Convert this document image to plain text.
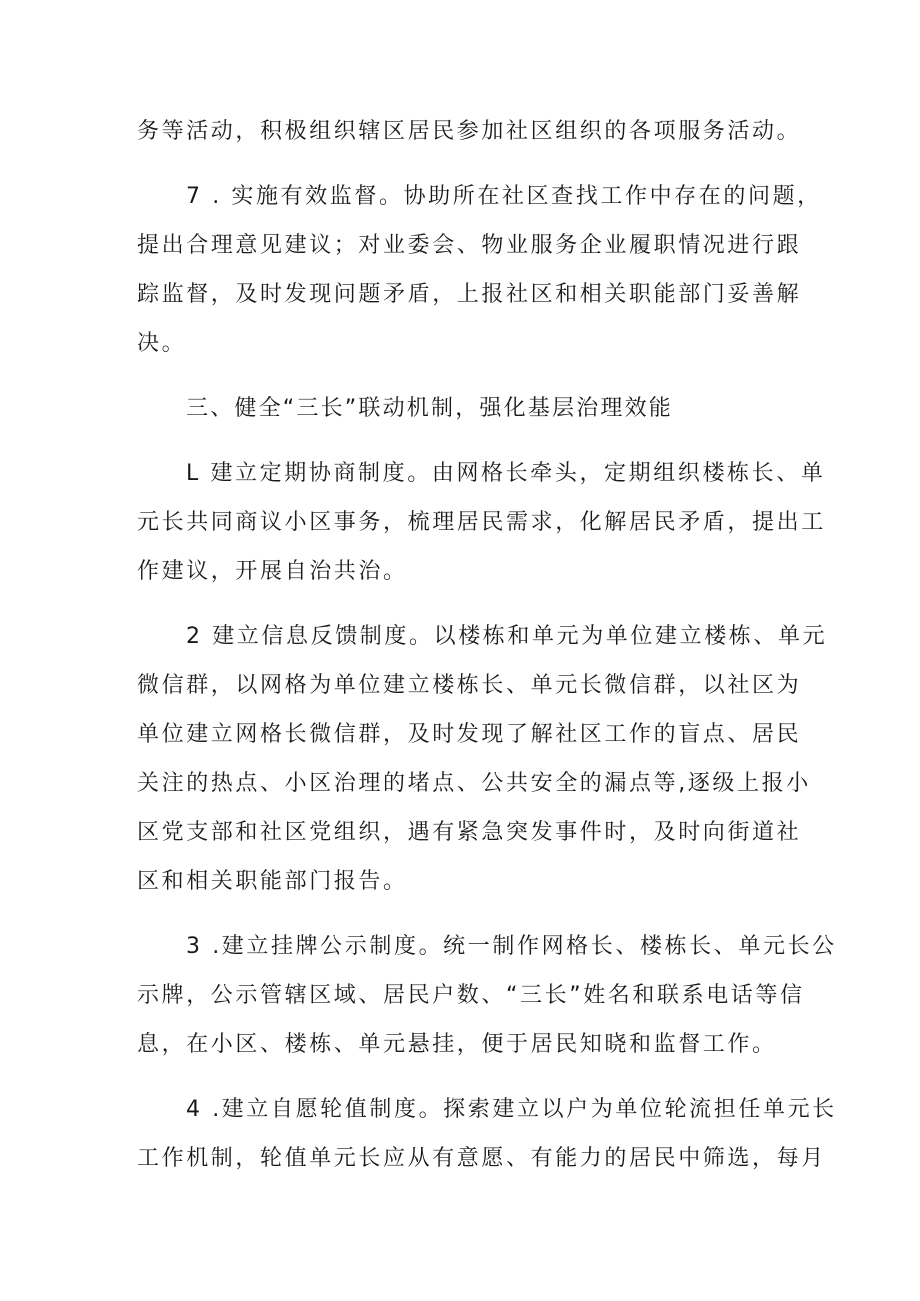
务等活动，积极组织辖区居民参加社区组织的各项服务活动。
7 . 实施有效监督。协助所在社区查找工作中存在的问题，
提出合理意见建议；对业委会、物业服务企业履职情况进行跟
踪监督，及时发现问题矛盾，上报社区和相关职能部门妥善解
决。
三、健全“三长”联动机制，强化基层治理效能
L 建立定期协商制度。由网格长牵头，定期组织楼栋长、单
元长共同商议小区事务，梳理居民需求，化解居民矛盾，提出工
作建议，开展自治共治。
2 建立信息反馈制度。以楼栋和单元为单位建立楼栋、单元
微信群，以网格为单位建立楼栋长、单元长微信群，以社区为
单位建立网格长微信群，及时发现了解社区工作的盲点、居民
关注的热点、小区治理的堵点、公共安全的漏点等,逐级上报小
区党支部和社区党组织，遇有紧急突发事件时，及时向街道社
区和相关职能部门报告。
3 .建立挂牌公示制度。统一制作网格长、楼栋长、单元长公
示牌，公示管辖区域、居民户数、“三长”姓名和联系电话等信
息，在小区、楼栋、单元悬挂，便于居民知晓和监督工作。
4 .建立自愿轮值制度。探索建立以户为单位轮流担任单元长
工作机制，轮值单元长应从有意愿、有能力的居民中筛选，每月
